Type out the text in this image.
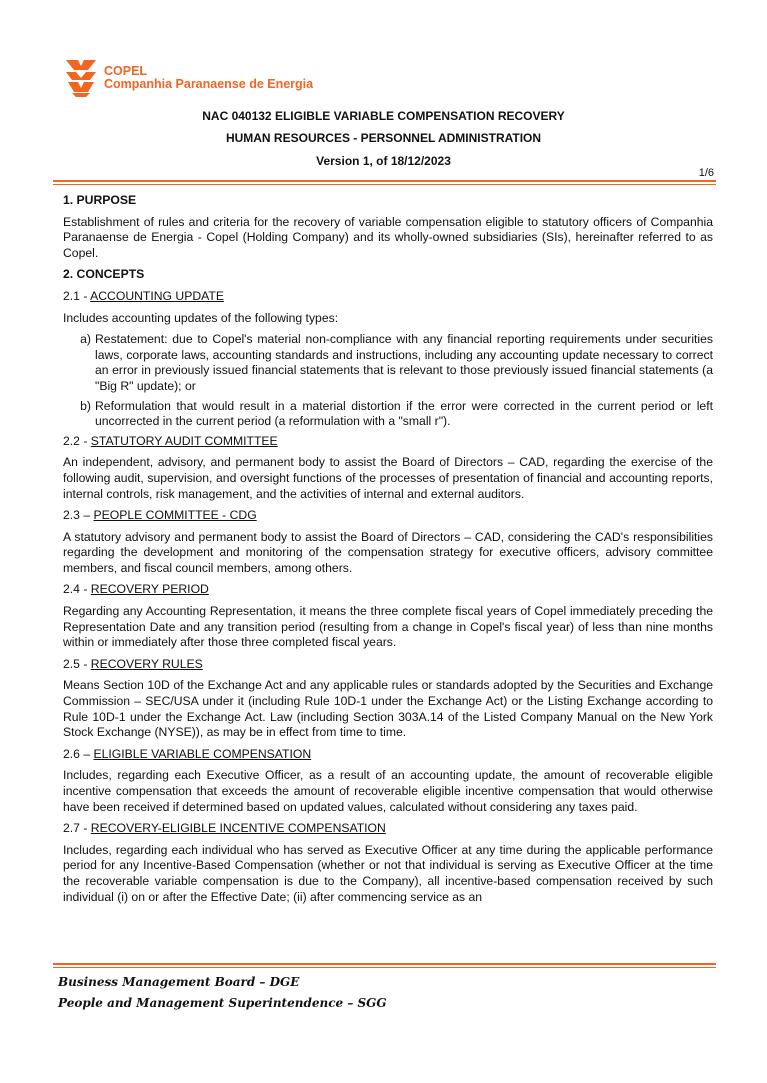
COPEL
Companhia Paranaense de Energia
NAC 040132 ELIGIBLE VARIABLE COMPENSATION RECOVERY
HUMAN RESOURCES - PERSONNEL ADMINISTRATION
Version 1, of 18/12/2023
1/6

1. PURPOSE

Establishment of rules and criteria for the recovery of variable compensation eligible to statutory officers of Companhia Paranaense de Energia - Copel (Holding Company) and its wholly-owned subsidiaries (SIs), hereinafter referred to as Copel.

2. CONCEPTS

2.1 - ACCOUNTING UPDATE

Includes accounting updates of the following types:

a) Restatement: due to Copel's material non-compliance with any financial reporting requirements under securities laws, corporate laws, accounting standards and instructions, including any accounting update necessary to correct an error in previously issued financial statements that is relevant to those previously issued financial statements (a "Big R" update); or
b) Reformulation that would result in a material distortion if the error were corrected in the current period or left uncorrected in the current period (a reformulation with a "small r").

2.2 - STATUTORY AUDIT COMMITTEE

An independent, advisory, and permanent body to assist the Board of Directors – CAD, regarding the exercise of the following audit, supervision, and oversight functions of the processes of presentation of financial and accounting reports, internal controls, risk management, and the activities of internal and external auditors.

2.3 – PEOPLE COMMITTEE - CDG

A statutory advisory and permanent body to assist the Board of Directors – CAD, considering the CAD's responsibilities regarding the development and monitoring of the compensation strategy for executive officers, advisory committee members, and fiscal council members, among others.

2.4 - RECOVERY PERIOD

Regarding any Accounting Representation, it means the three complete fiscal years of Copel immediately preceding the Representation Date and any transition period (resulting from a change in Copel's fiscal year) of less than nine months within or immediately after those three completed fiscal years.

2.5 - RECOVERY RULES

Means Section 10D of the Exchange Act and any applicable rules or standards adopted by the Securities and Exchange Commission – SEC/USA under it (including Rule 10D-1 under the Exchange Act) or the Listing Exchange according to Rule 10D-1 under the Exchange Act. Law (including Section 303A.14 of the Listed Company Manual on the New York Stock Exchange (NYSE)), as may be in effect from time to time.

2.6 – ELIGIBLE VARIABLE COMPENSATION

Includes, regarding each Executive Officer, as a result of an accounting update, the amount of recoverable eligible incentive compensation that exceeds the amount of recoverable eligible incentive compensation that would otherwise have been received if determined based on updated values, calculated without considering any taxes paid.

2.7 - RECOVERY-ELIGIBLE INCENTIVE COMPENSATION

Includes, regarding each individual who has served as Executive Officer at any time during the applicable performance period for any Incentive-Based Compensation (whether or not that individual is serving as Executive Officer at the time the recoverable variable compensation is due to the Company), all incentive-based compensation received by such individual (i) on or after the Effective Date; (ii) after commencing service as an

Business Management Board – DGE
People and Management Superintendence – SGG
